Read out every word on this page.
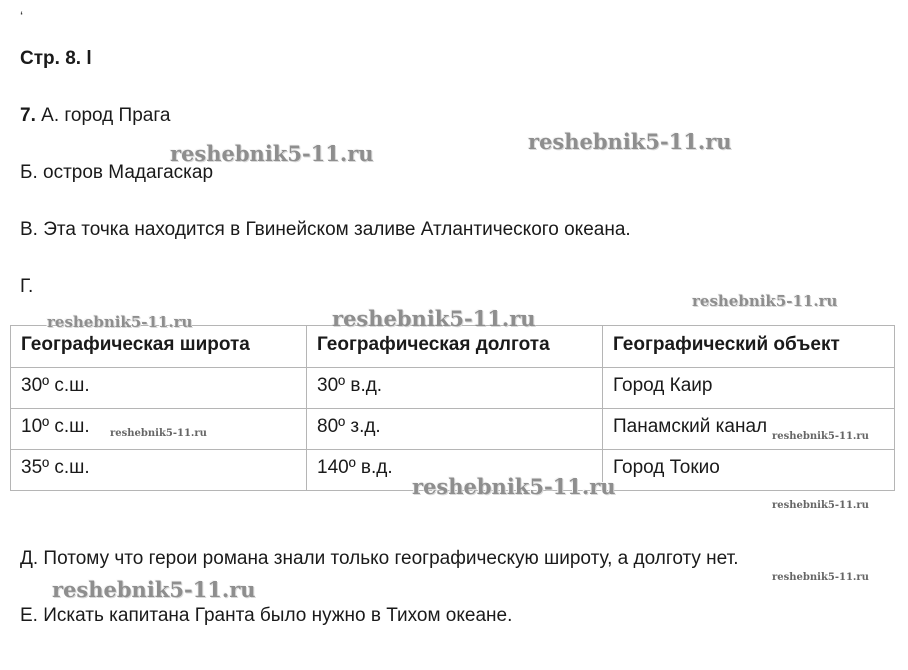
‘
Стр. 8. l
7. А. город Прага
Б. остров Мадагаскар
В. Эта точка находится в Гвинейском заливе Атлантического океана.
Г.
Географическая широта	Географическая долгота	Географический объект
30º с.ш.	30º в.д.	Город Каир
10º с.ш.	80º з.д.	Панамский канал
35º с.ш.	140º в.д.	Город Токио
Д. Потому что герои романа знали только географическую широту, а долготу нет.
Е. Искать капитана Гранта было нужно в Тихом океане.
reshebnik5-11.ru	reshebnik5-11.ru
reshebnik5-11.ru
reshebnik5-11.ru
reshebnik5-11.ru
reshebnik5-11.ru	reshebnik5-11.ru
reshebnik5-11.ru
reshebnik5-11.ru
reshebnik5-11.ru
reshebnik5-11.ru
